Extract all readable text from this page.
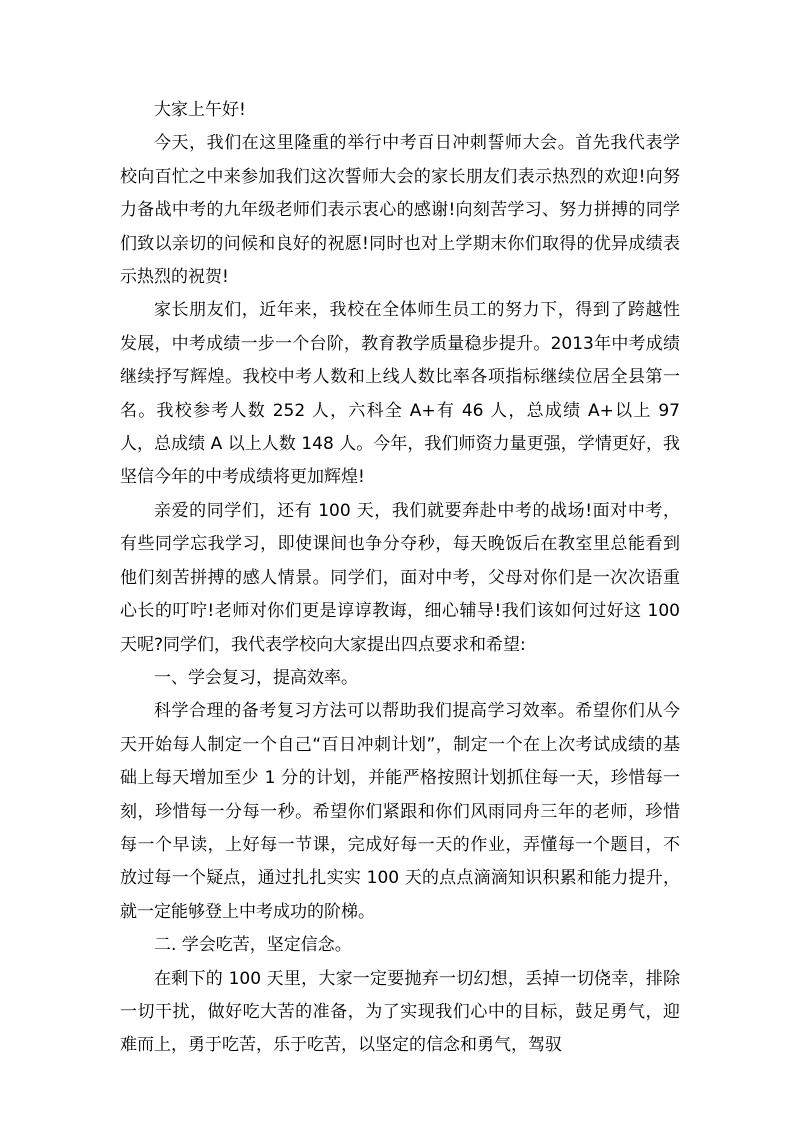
大家上午好!

今天，我们在这里隆重的举行中考百日冲刺誓师大会。首先我代表学校向百忙之中来参加我们这次誓师大会的家长朋友们表示热烈的欢迎!向努力备战中考的九年级老师们表示衷心的感谢!向刻苦学习、努力拼搏的同学们致以亲切的问候和良好的祝愿!同时也对上学期末你们取得的优异成绩表示热烈的祝贺!

家长朋友们，近年来，我校在全体师生员工的努力下，得到了跨越性发展，中考成绩一步一个台阶，教育教学质量稳步提升。2013年中考成绩继续抒写辉煌。我校中考人数和上线人数比率各项指标继续位居全县第一名。我校参考人数 252 人，六科全 A+有 46 人，总成绩 A+以上 97 人，总成绩 A 以上人数 148 人。今年，我们师资力量更强，学情更好，我坚信今年的中考成绩将更加辉煌!

亲爱的同学们，还有 100 天，我们就要奔赴中考的战场!面对中考，有些同学忘我学习，即使课间也争分夺秒，每天晚饭后在教室里总能看到他们刻苦拼搏的感人情景。同学们，面对中考，父母对你们是一次次语重心长的叮咛!老师对你们更是谆谆教诲，细心辅导!我们该如何过好这 100 天呢?同学们，我代表学校向大家提出四点要求和希望:

一、学会复习，提高效率。

科学合理的备考复习方法可以帮助我们提高学习效率。希望你们从今天开始每人制定一个自己“百日冲刺计划”，制定一个在上次考试成绩的基础上每天增加至少 1 分的计划，并能严格按照计划抓住每一天，珍惜每一刻，珍惜每一分每一秒。希望你们紧跟和你们风雨同舟三年的老师，珍惜每一个早读，上好每一节课，完成好每一天的作业，弄懂每一个题目，不放过每一个疑点，通过扎扎实实 100 天的点点滴滴知识积累和能力提升，就一定能够登上中考成功的阶梯。

二. 学会吃苦，坚定信念。

在剩下的 100 天里，大家一定要抛弃一切幻想，丢掉一切侥幸，排除一切干扰，做好吃大苦的准备，为了实现我们心中的目标，鼓足勇气，迎难而上，勇于吃苦，乐于吃苦，以坚定的信念和勇气，驾驭
